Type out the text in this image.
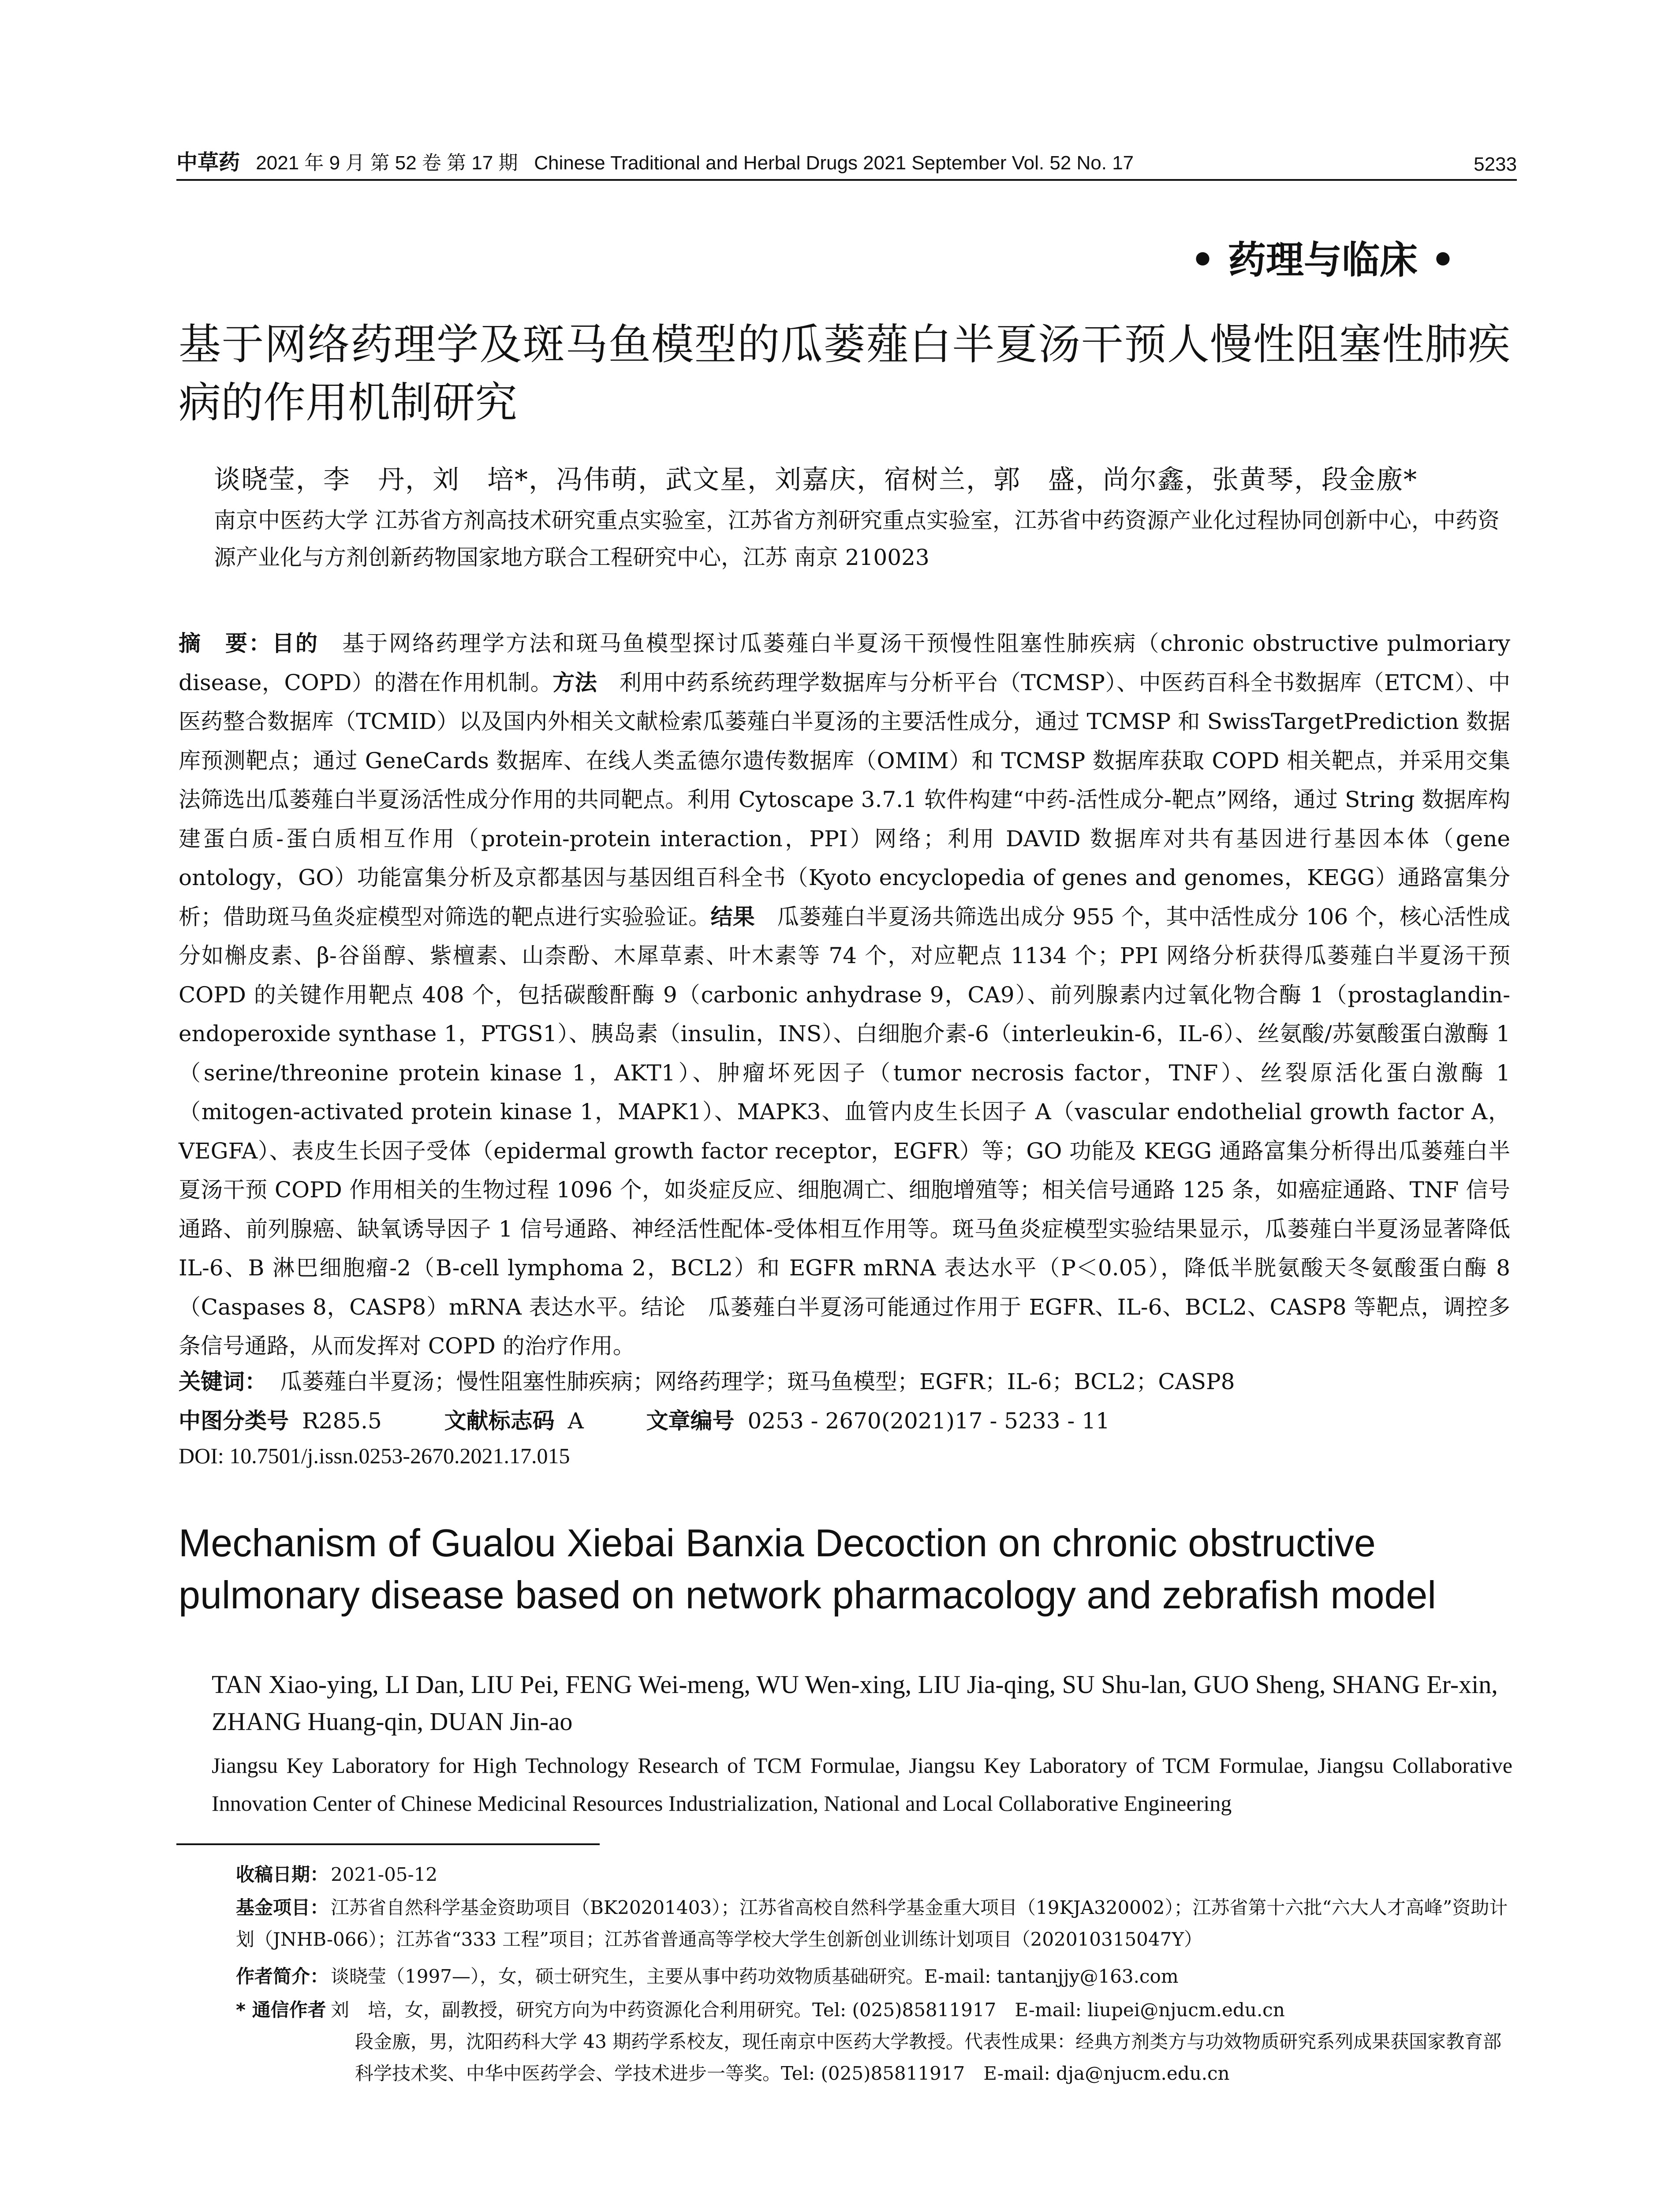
中草药 2021 年 9 月 第 52 卷 第 17 期 Chinese Traditional and Herbal Drugs 2021 September Vol. 52 No. 17	5233
• 药理与临床 •
基于网络药理学及斑马鱼模型的瓜蒌薤白半夏汤干预人慢性阻塞性肺疾病的作用机制研究
谈晓莹，李　丹，刘　培*，冯伟萌，武文星，刘嘉庆，宿树兰，郭　盛，尚尔鑫，张黄琴，段金廒*
南京中医药大学 江苏省方剂高技术研究重点实验室，江苏省方剂研究重点实验室，江苏省中药资源产业化过程协同创新中心，中药资源产业化与方剂创新药物国家地方联合工程研究中心，江苏 南京 210023
摘　要：目的　 基于网络药理学方法和斑马鱼模型探讨瓜蒌薤白半夏汤干预慢性阻塞性肺疾病（chronic obstructive pulmoriary disease，COPD）的潜在作用机制。方法　 利用中药系统药理学数据库与分析平台（TCMSP）、中医药百科全书数据库（ETCM）、中医药整合数据库（TCMID）以及国内外相关文献检索瓜蒌薤白半夏汤的主要活性成分，通过 TCMSP 和 SwissTargetPrediction 数据库预测靶点；通过 GeneCards 数据库、在线人类孟德尔遗传数据库（OMIM）和 TCMSP 数据库获取 COPD 相关靶点，并采用交集法筛选出瓜蒌薤白半夏汤活性成分作用的共同靶点。利用 Cytoscape 3.7.1 软件构建“中药-活性成分-靶点”网络，通过 String 数据库构建蛋白质-蛋白质相互作用（protein-protein interaction，PPI）网络；利用 DAVID 数据库对共有基因进行基因本体（gene ontology，GO）功能富集分析及京都基因与基因组百科全书（Kyoto encyclopedia of genes and genomes，KEGG）通路富集分析；借助斑马鱼炎症模型对筛选的靶点进行实验验证。结果　 瓜蒌薤白半夏汤共筛选出成分 955 个，其中活性成分 106 个，核心活性成分如槲皮素、β-谷甾醇、紫檀素、山柰酚、木犀草素、叶木素等 74 个，对应靶点 1134 个；PPI 网络分析获得瓜蒌薤白半夏汤干预 COPD 的关键作用靶点 408 个，包括碳酸酐酶 9（carbonic anhydrase 9，CA9）、前列腺素内过氧化物合酶 1（prostaglandin-endoperoxide synthase 1，PTGS1）、胰岛素（insulin，INS）、白细胞介素-6（interleukin-6，IL-6）、丝氨酸/苏氨酸蛋白激酶 1（serine/threonine protein kinase 1，AKT1）、肿瘤坏死因子（tumor necrosis factor，TNF）、丝裂原活化蛋白激酶 1（mitogen-activated protein kinase 1，MAPK1）、MAPK3、血管内皮生长因子 A（vascular endothelial growth factor A，VEGFA）、表皮生长因子受体（epidermal growth factor receptor，EGFR）等；GO 功能及 KEGG 通路富集分析得出瓜蒌薤白半夏汤干预 COPD 作用相关的生物过程 1096 个，如炎症反应、细胞凋亡、细胞增殖等；相关信号通路 125 条，如癌症通路、TNF 信号通路、前列腺癌、缺氧诱导因子 1 信号通路、神经活性配体-受体相互作用等。斑马鱼炎症模型实验结果显示，瓜蒌薤白半夏汤显著降低 IL-6、B 淋巴细胞瘤-2（B-cell lymphoma 2，BCL2）和 EGFR mRNA 表达水平（P＜0.05），降低半胱氨酸天冬氨酸蛋白酶 8（Caspases 8，CASP8）mRNA 表达水平。结论　瓜蒌薤白半夏汤可能通过作用于 EGFR、IL-6、BCL2、CASP8 等靶点，调控多条信号通路，从而发挥对 COPD 的治疗作用。
关键词： 瓜蒌薤白半夏汤；慢性阻塞性肺疾病；网络药理学；斑马鱼模型；EGFR；IL-6；BCL2；CASP8
中图分类号 R285.5	文献标志码 A	文章编号 0253 - 2670(2021)17 - 5233 - 11
DOI: 10.7501/j.issn.0253-2670.2021.17.015
Mechanism of Gualou Xiebai Banxia Decoction on chronic obstructive pulmonary disease based on network pharmacology and zebrafish model
TAN Xiao-ying, LI Dan, LIU Pei, FENG Wei-meng, WU Wen-xing, LIU Jia-qing, SU Shu-lan, GUO Sheng, SHANG Er-xin, ZHANG Huang-qin, DUAN Jin-ao
Jiangsu Key Laboratory for High Technology Research of TCM Formulae, Jiangsu Key Laboratory of TCM Formulae, Jiangsu Collaborative Innovation Center of Chinese Medicinal Resources Industrialization, National and Local Collaborative Engineering
收稿日期： 2021-05-12
基金项目： 江苏省自然科学基金资助项目（BK20201403）；江苏省高校自然科学基金重大项目（19KJA320002）；江苏省第十六批“六大人才高峰”资助计划（JNHB-066）；江苏省“333 工程”项目；江苏省普通高等学校大学生创新创业训练计划项目（202010315047Y）
作者简介： 谈晓莹（1997—），女，硕士研究生，主要从事中药功效物质基础研究。E-mail: tantanjjy@163.com
* 通信作者 刘　培，女，副教授，研究方向为中药资源化合利用研究。Tel: (025)85811917　E-mail: liupei@njucm.edu.cn
段金廒，男，沈阳药科大学 43 期药学系校友，现任南京中医药大学教授。代表性成果：经典方剂类方与功效物质研究系列成果获国家教育部科学技术奖、中华中医药学会、学技术进步一等奖。Tel: (025)85811917　E-mail: dja@njucm.edu.cn
